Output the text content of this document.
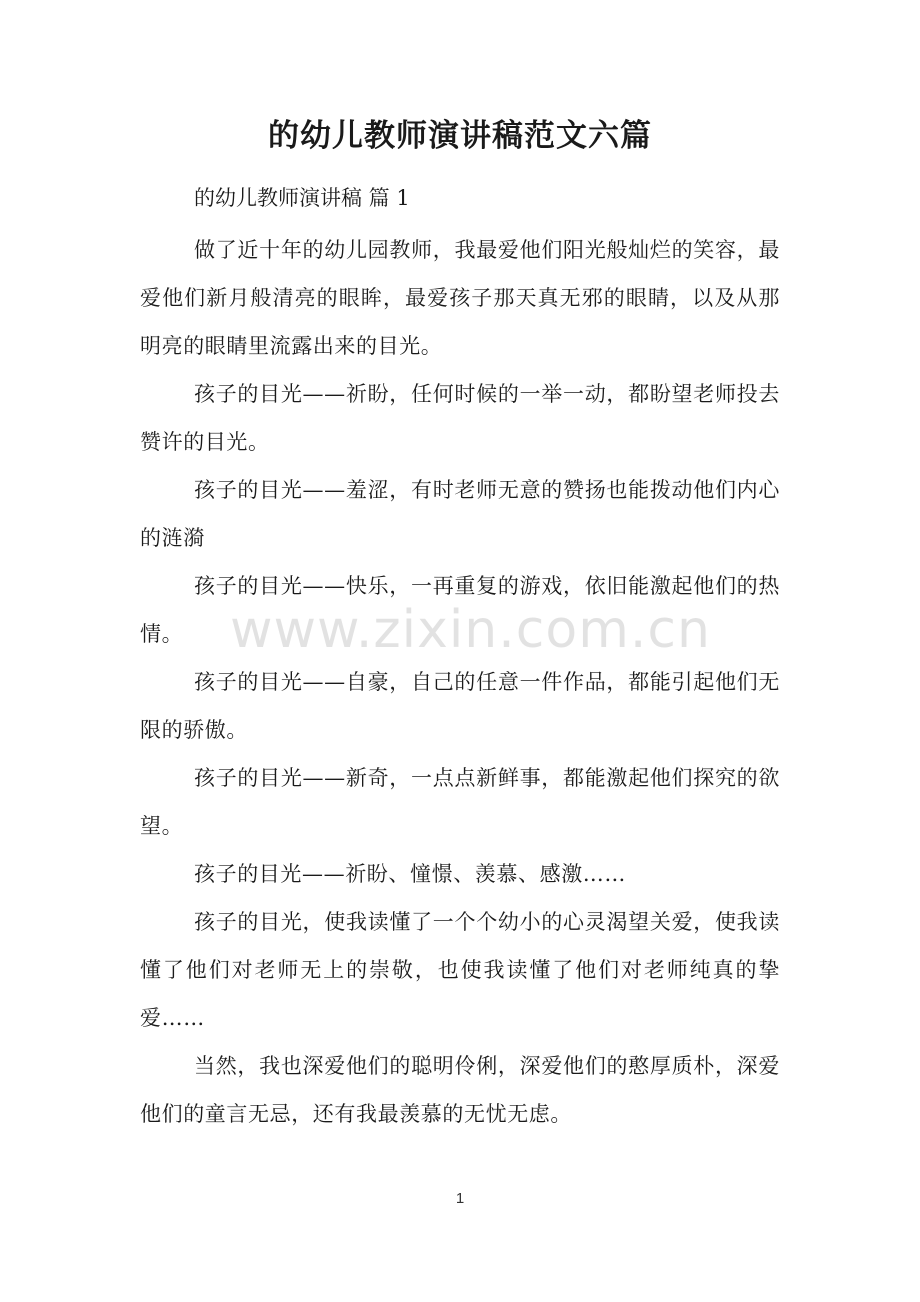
的幼儿教师演讲稿范文六篇
的幼儿教师演讲稿 篇 1

做了近十年的幼儿园教师，我最爱他们阳光般灿烂的笑容，最爱他们新月般清亮的眼眸，最爱孩子那天真无邪的眼睛，以及从那明亮的眼睛里流露出来的目光。

孩子的目光——祈盼，任何时候的一举一动，都盼望老师投去赞许的目光。

孩子的目光——羞涩，有时老师无意的赞扬也能拨动他们内心的涟漪

孩子的目光——快乐，一再重复的游戏，依旧能激起他们的热情。

孩子的目光——自豪，自己的任意一件作品，都能引起他们无限的骄傲。

孩子的目光——新奇，一点点新鲜事，都能激起他们探究的欲望。

孩子的目光——祈盼、憧憬、羡慕、感激……

孩子的目光，使我读懂了一个个幼小的心灵渴望关爱，使我读懂了他们对老师无上的崇敬，也使我读懂了他们对老师纯真的挚爱……

当然，我也深爱他们的聪明伶俐，深爱他们的憨厚质朴，深爱他们的童言无忌，还有我最羡慕的无忧无虑。

www.zixin.com.cn
1
